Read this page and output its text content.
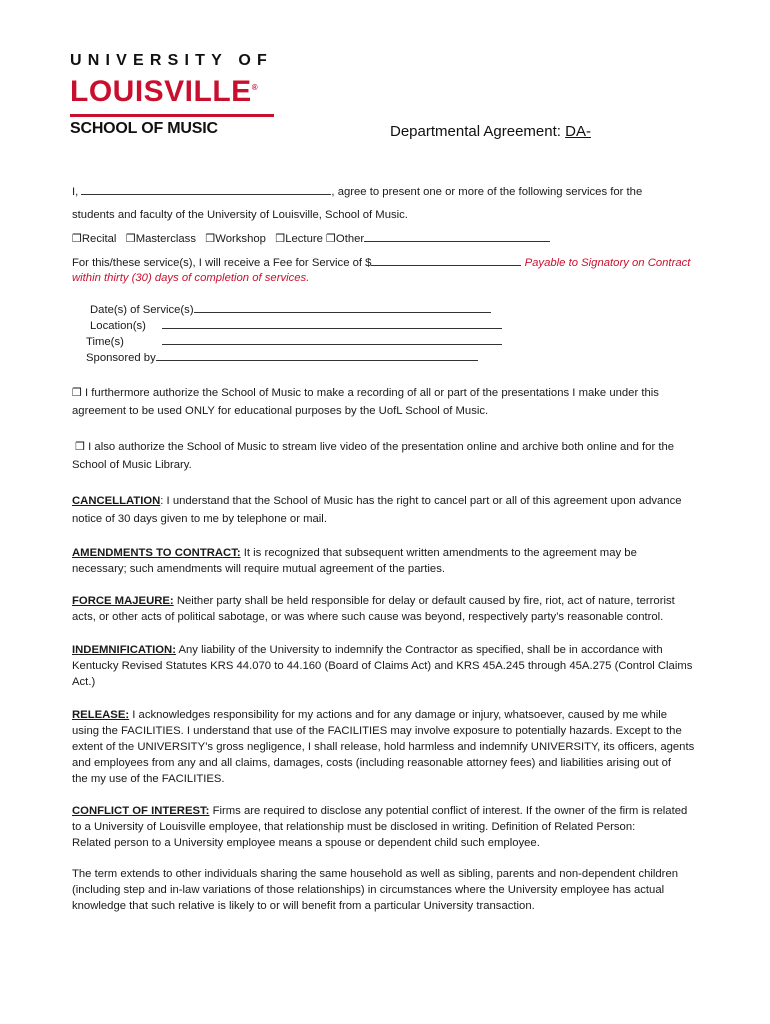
UNIVERSITY OF
LOUISVILLE®
SCHOOL OF MUSIC	Departmental Agreement: DA-
I,	, agree to present one or more of the following services for the
students and faculty of the University of Louisville, School of Music.
❒Recital ❒Masterclass ❒Workshop ❒Lecture ❒Other
For this/these service(s), I will receive a Fee for Service of $	Payable to Signatory on Contract
within thirty (30) days of completion of services.
Date(s) of Service(s)
Location(s)
Time(s)
Sponsored by
❒ I furthermore authorize the School of Music to make a recording of all or part of the presentations I make under this
agreement to be used ONLY for educational purposes by the UofL School of Music.
❒ I also authorize the School of Music to stream live video of the presentation online and archive both online and for the
School of Music Library.
CANCELLATION: I understand that the School of Music has the right to cancel part or all of this agreement upon advance
notice of 30 days given to me by telephone or mail.
AMENDMENTS TO CONTRACT: It is recognized that subsequent written amendments to the agreement may be
necessary; such amendments will require mutual agreement of the parties.
FORCE MAJEURE: Neither party shall be held responsible for delay or default caused by fire, riot, act of nature, terrorist
acts, or other acts of political sabotage, or was where such cause was beyond, respectively party’s reasonable control.
INDEMNIFICATION: Any liability of the University to indemnify the Contractor as specified, shall be in accordance with
Kentucky Revised Statutes KRS 44.070 to 44.160 (Board of Claims Act) and KRS 45A.245 through 45A.275 (Control Claims
Act.)
RELEASE: I acknowledges responsibility for my actions and for any damage or injury, whatsoever, caused by me while
using the FACILITIES. I understand that use of the FACILITIES may involve exposure to potentially hazards. Except to the
extent of the UNIVERSITY’s gross negligence, I shall release, hold harmless and indemnify UNIVERSITY, its officers, agents
and employees from any and all claims, damages, costs (including reasonable attorney fees) and liabilities arising out of
the my use of the FACILITIES.
CONFLICT OF INTEREST: Firms are required to disclose any potential conflict of interest. If the owner of the firm is related
to a University of Louisville employee, that relationship must be disclosed in writing. Definition of Related Person:
Related person to a University employee means a spouse or dependent child such employee.
The term extends to other individuals sharing the same household as well as sibling, parents and non-dependent children
(including step and in-law variations of those relationships) in circumstances where the University employee has actual
knowledge that such relative is likely to or will benefit from a particular University transaction.
